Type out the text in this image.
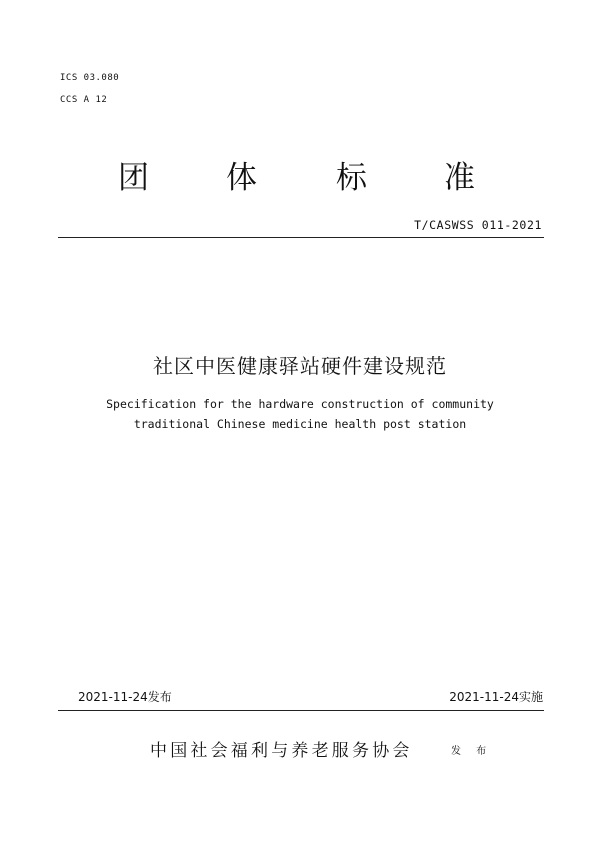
ICS 03.080
CCS A 12
团 体	标 准
T/CASWSS 011-2021
社区中医健康驿站硬件建设规范
Specification for the hardware construction of community
traditional Chinese medicine health post station
2021-11-24发布	2021-11-24实施
中国社会福利与养老服务协会	发 布
